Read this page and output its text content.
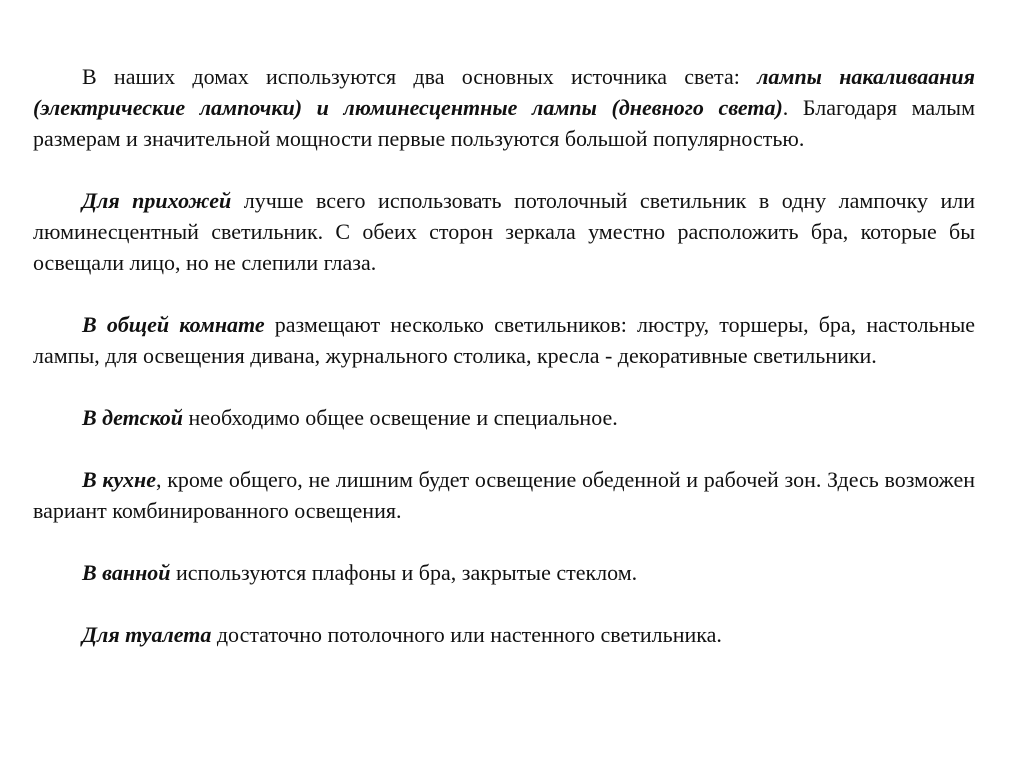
В наших домах используются два основных источника света: лампы накаливаания (электрические лампочки) и люминесцентные лампы (дневного света). Благодаря малым размерам и значительной мощности первые пользуются большой популярностью.

Для прихожей лучше всего использовать потолочный светильник в одну лампочку или люминесцентный светильник. С обеих сторон зеркала уместно расположить бра, которые бы освещали лицо, но не слепили глаза.

В общей комнате размещают несколько светильников: люстру, торшеры, бра, настольные лампы, для освещения дивана, журнального столика, кресла - декоративные светильники.

В детской необходимо общее освещение и специальное.

В кухне, кроме общего, не лишним будет освещение обеденной и рабочей зон. Здесь возможен вариант комбинированного освещения.

В ванной используются плафоны и бра, закрытые стеклом.

Для туалета достаточно потолочного или настенного светильника.
